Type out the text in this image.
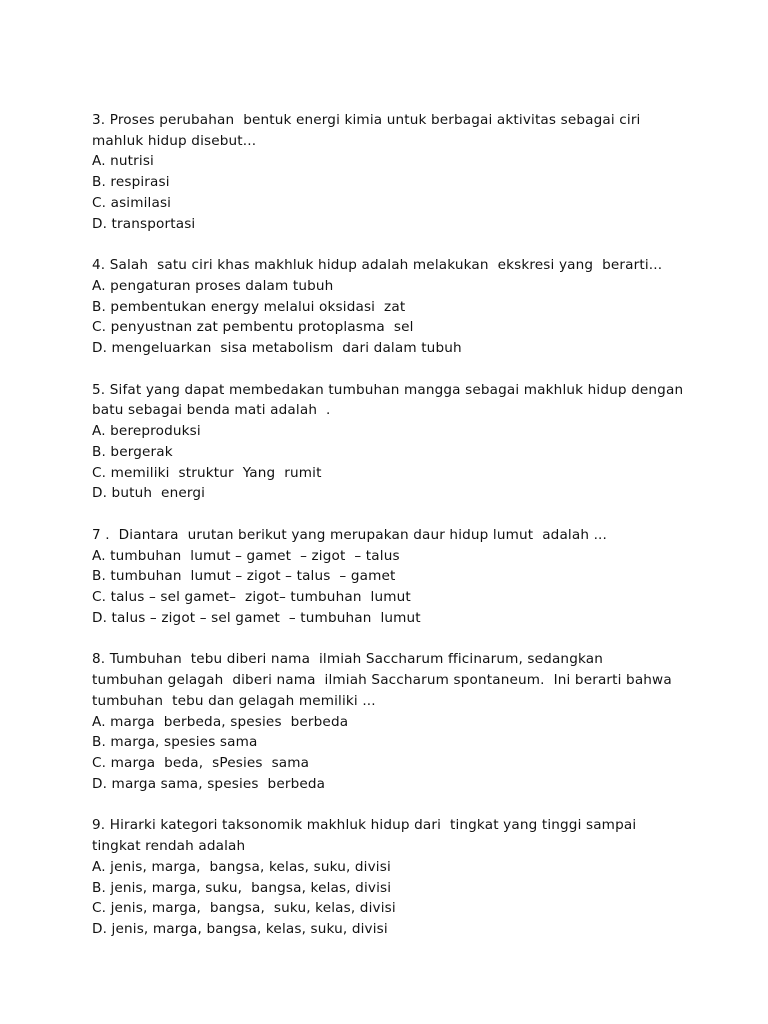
3. Proses perubahan  bentuk energi kimia untuk berbagai aktivitas sebagai ciri
mahluk hidup disebut...
A. nutrisi
B. respirasi
C. asimilasi
D. transportasi
4. Salah  satu ciri khas makhluk hidup adalah melakukan  ekskresi yang  berarti...
A. pengaturan proses dalam tubuh
B. pembentukan energy melalui oksidasi  zat
C. penyustnan zat pembentu protoplasma  sel
D. mengeluarkan  sisa metabolism  dari dalam tubuh
5. Sifat yang dapat membedakan tumbuhan mangga sebagai makhluk hidup dengan
batu sebagai benda mati adalah  .
A. bereproduksi
B. bergerak
C. memiliki  struktur  Yang  rumit
D. butuh  energi
7 .  Diantara  urutan berikut yang merupakan daur hidup lumut  adalah ...
A. tumbuhan  lumut – gamet  – zigot  – talus
B. tumbuhan  lumut – zigot – talus  – gamet
C. talus – sel gamet–  zigot– tumbuhan  lumut
D. talus – zigot – sel gamet  – tumbuhan  lumut
8. Tumbuhan  tebu diberi nama  ilmiah Saccharum fficinarum, sedangkan
tumbuhan gelagah  diberi nama  ilmiah Saccharum spontaneum.  Ini berarti bahwa
tumbuhan  tebu dan gelagah memiliki ...
A. marga  berbeda, spesies  berbeda
B. marga, spesies sama
C. marga  beda,  sPesies  sama
D. marga sama, spesies  berbeda
9. Hirarki kategori taksonomik makhluk hidup dari  tingkat yang tinggi sampai
tingkat rendah adalah
A. jenis, marga,  bangsa, kelas, suku, divisi
B. jenis, marga, suku,  bangsa, kelas, divisi
C. jenis, marga,  bangsa,  suku, kelas, divisi
D. jenis, marga, bangsa, kelas, suku, divisi
